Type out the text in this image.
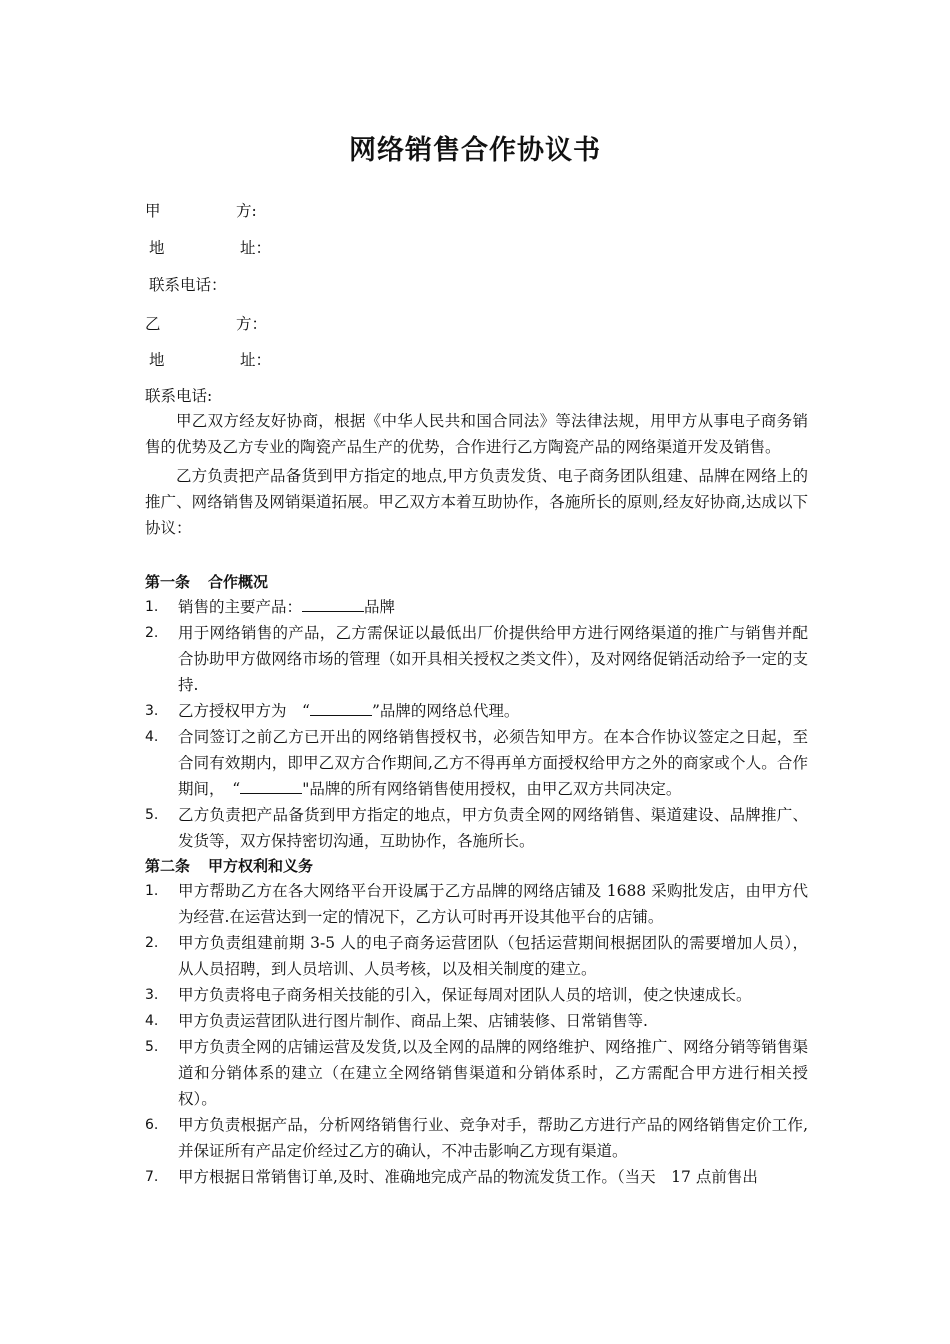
网络销售合作协议书
甲	方:
地	址：
联系电话：
乙	方：
地	址：
联系电话:

甲乙双方经友好协商，根据《中华人民共和国合同法》等法律法规，用甲方从事电子商务销售的优势及乙方专业的陶瓷产品生产的优势，合作进行乙方陶瓷产品的网络渠道开发及销售。

乙方负责把产品备货到甲方指定的地点,甲方负责发货、电子商务团队组建、品牌在网络上的推广、网络销售及网销渠道拓展。甲乙双方本着互助协作，各施所长的原则,经友好协商,达成以下协议：

第一条 合作概况

1. 销售的主要产品：	品牌
2. 用于网络销售的产品，乙方需保证以最低出厂价提供给甲方进行网络渠道的推广与销售并配合协助甲方做网络市场的管理（如开具相关授权之类文件），及对网络促销活动给予一定的支持.
3. 乙方授权甲方为　“	”品牌的网络总代理。
4. 合同签订之前乙方已开出的网络销售授权书，必须告知甲方。在本合作协议签定之日起，至合同有效期内，即甲乙双方合作期间,乙方不得再单方面授权给甲方之外的商家或个人。合作期间，　“	"品牌的所有网络销售使用授权，由甲乙双方共同决定。
5. 乙方负责把产品备货到甲方指定的地点，甲方负责全网的网络销售、渠道建设、品牌推广、发货等，双方保持密切沟通，互助协作，各施所长。

第二条 甲方权利和义务

1. 甲方帮助乙方在各大网络平台开设属于乙方品牌的网络店铺及 1688 采购批发店，由甲方代为经营.在运营达到一定的情况下，乙方认可时再开设其他平台的店铺。
2. 甲方负责组建前期 3-5 人的电子商务运营团队（包括运营期间根据团队的需要增加人员），从人员招聘，到人员培训、人员考核，以及相关制度的建立。
3. 甲方负责将电子商务相关技能的引入，保证每周对团队人员的培训，使之快速成长。
4. 甲方负责运营团队进行图片制作、商品上架、店铺装修、日常销售等.
5. 甲方负责全网的店铺运营及发货,以及全网的品牌的网络维护、网络推广、网络分销等销售渠道和分销体系的建立（在建立全网络销售渠道和分销体系时，乙方需配合甲方进行相关授权）。
6. 甲方负责根据产品，分析网络销售行业、竞争对手，帮助乙方进行产品的网络销售定价工作,并保证所有产品定价经过乙方的确认，不冲击影响乙方现有渠道。
7. 甲方根据日常销售订单,及时、准确地完成产品的物流发货工作。（当天　17 点前售出
